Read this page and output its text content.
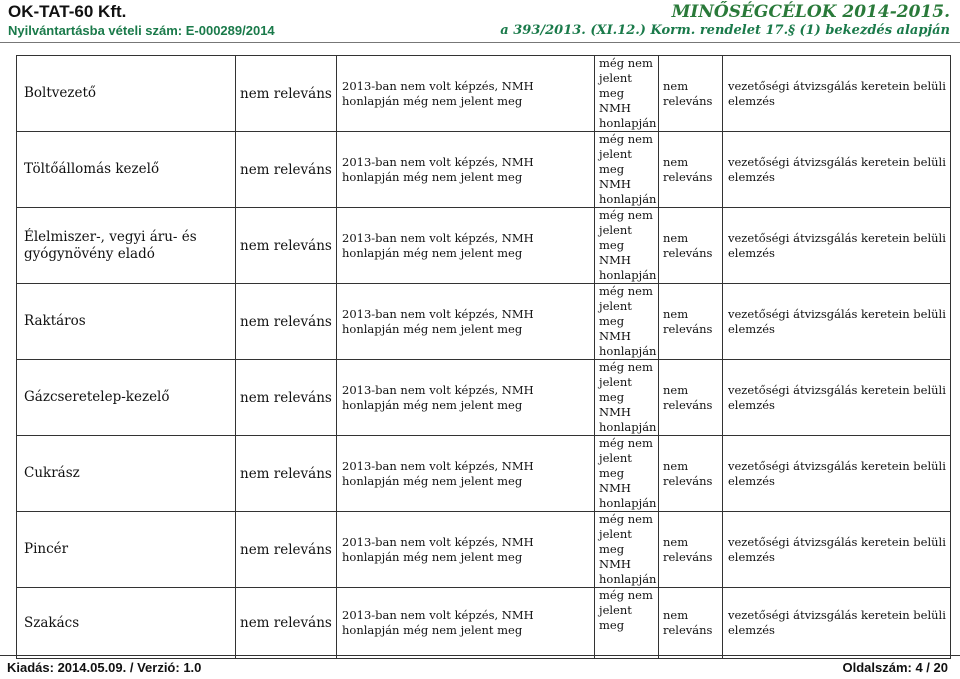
OK-TAT-60 Kft.
Nyilvántartásba vételi szám: E-000289/2014
MINŐSÉGCÉLOK 2014-2015.
a 393/2013. (XI.12.) Korm. rendelet 17.§ (1) bekezdés alapján
Boltvezető	nem releváns	2013-ban nem volt képzés, NMH honlapján még nem jelent meg	még nem
jelent
meg
NMH
honlapján	nem releváns	vezetőségi átvizsgálás keretein belüli elemzés
Töltőállomás kezelő	nem releváns	2013-ban nem volt képzés, NMH honlapján még nem jelent meg	még nem
jelent
meg
NMH
honlapján	nem releváns	vezetőségi átvizsgálás keretein belüli elemzés
Élelmiszer-, vegyi áru- és gyógynövény eladó	nem releváns	2013-ban nem volt képzés, NMH honlapján még nem jelent meg	még nem
jelent
meg
NMH
honlapján	nem releváns	vezetőségi átvizsgálás keretein belüli elemzés
Raktáros	nem releváns	2013-ban nem volt képzés, NMH honlapján még nem jelent meg	még nem
jelent
meg
NMH
honlapján	nem releváns	vezetőségi átvizsgálás keretein belüli elemzés
Gázcseretelep-kezelő	nem releváns	2013-ban nem volt képzés, NMH honlapján még nem jelent meg	még nem
jelent
meg
NMH
honlapján	nem releváns	vezetőségi átvizsgálás keretein belüli elemzés
Cukrász	nem releváns	2013-ban nem volt képzés, NMH honlapján még nem jelent meg	még nem
jelent
meg
NMH
honlapján	nem releváns	vezetőségi átvizsgálás keretein belüli elemzés
Pincér	nem releváns	2013-ban nem volt képzés, NMH honlapján még nem jelent meg	még nem
jelent
meg
NMH
honlapján	nem releváns	vezetőségi átvizsgálás keretein belüli elemzés
Szakács	nem releváns	2013-ban nem volt képzés, NMH honlapján még nem jelent meg	még nem
jelent
meg	nem releváns	vezetőségi átvizsgálás keretein belüli elemzés
Kiadás: 2014.05.09. / Verzió: 1.0	Oldalszám: 4 / 20
